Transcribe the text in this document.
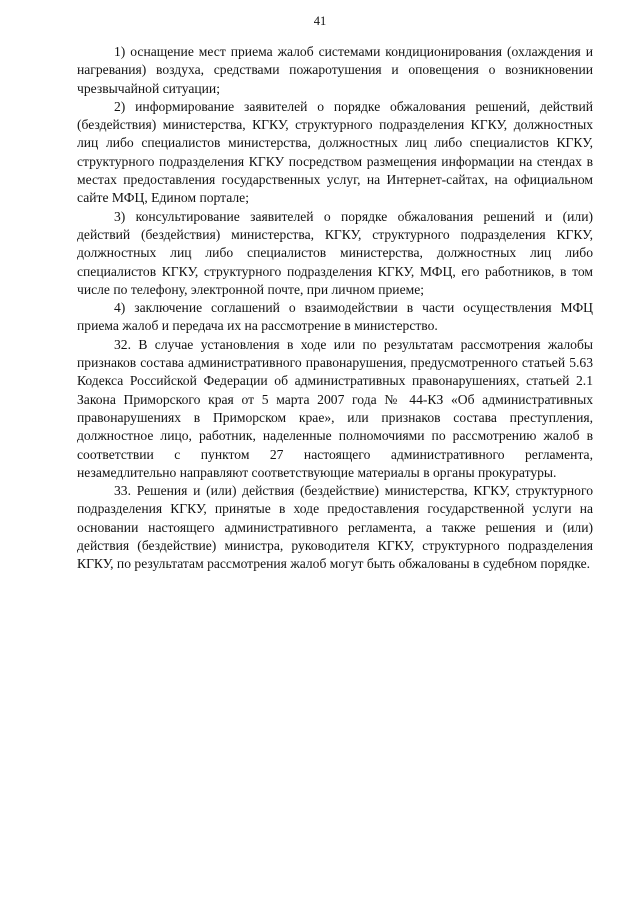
41

1) оснащение мест приема жалоб системами кондиционирования (охлаждения и нагревания) воздуха, средствами пожаротушения и оповещения о возникновении чрезвычайной ситуации;

2) информирование заявителей о порядке обжалования решений, действий (бездействия) министерства, КГКУ, структурного подразделения КГКУ, должностных лиц либо специалистов министерства, должностных лиц либо специалистов КГКУ, структурного подразделения КГКУ посредством размещения информации на стендах в местах предоставления государственных услуг, на Интернет-сайтах, на официальном сайте МФЦ, Едином портале;

3) консультирование заявителей о порядке обжалования решений и (или) действий (бездействия) министерства, КГКУ, структурного подразделения КГКУ, должностных лиц либо специалистов министерства, должностных лиц либо специалистов КГКУ, структурного подразделения КГКУ, МФЦ, его работников, в том числе по телефону, электронной почте, при личном приеме;

4) заключение соглашений о взаимодействии в части осуществления МФЦ приема жалоб и передача их на рассмотрение в министерство.

32. В случае установления в ходе или по результатам рассмотрения жалобы признаков состава административного правонарушения, предусмотренного статьей 5.63 Кодекса Российской Федерации об административных правонарушениях, статьей 2.1 Закона Приморского края от 5 марта 2007 года № 44-КЗ «Об административных правонарушениях в Приморском крае», или признаков состава преступления, должностное лицо, работник, наделенные полномочиями по рассмотрению жалоб в соответствии с пунктом 27 настоящего административного регламента, незамедлительно направляют соответствующие материалы в органы прокуратуры.

33. Решения и (или) действия (бездействие) министерства, КГКУ, структурного подразделения КГКУ, принятые в ходе предоставления государственной услуги на основании настоящего административного регламента, а также решения и (или) действия (бездействие) министра, руководителя КГКУ, структурного подразделения КГКУ, по результатам рассмотрения жалоб могут быть обжалованы в судебном порядке.
